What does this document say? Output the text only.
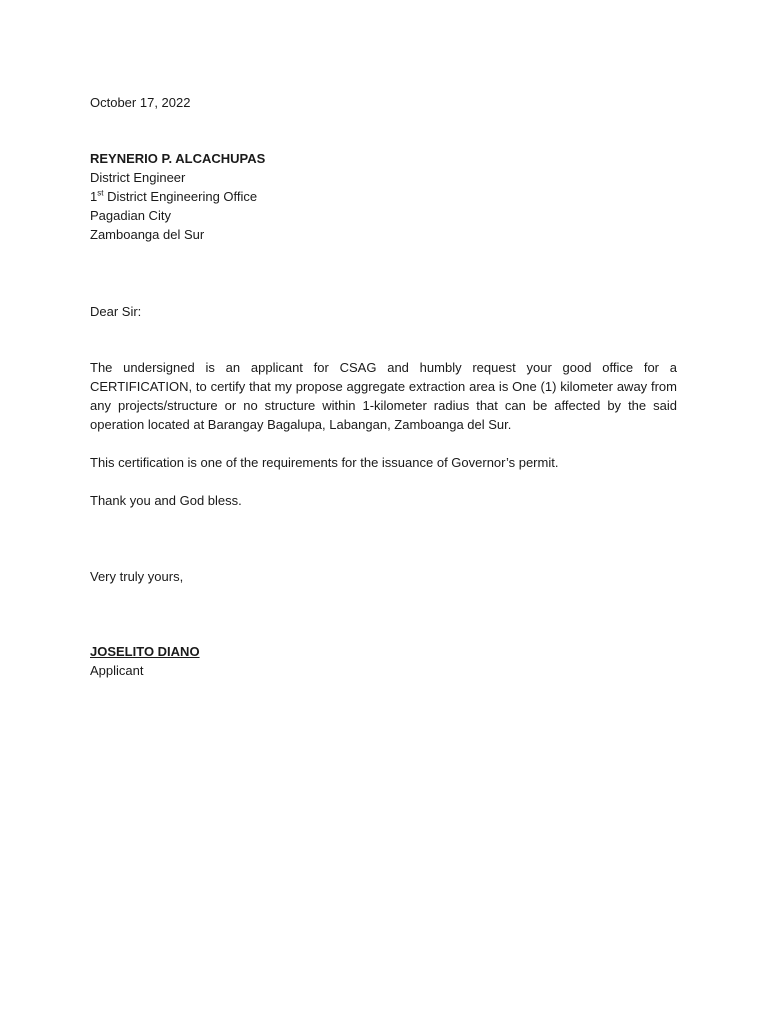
October 17, 2022

REYNERIO P. ALCACHUPAS
District Engineer
1st District Engineering Office
Pagadian City
Zamboanga del Sur

Dear Sir:

The undersigned is an applicant for CSAG and humbly request your good office for a CERTIFICATION, to certify that my propose aggregate extraction area is One (1) kilometer away from any projects/structure or no structure within 1-kilometer radius that can be affected by the said operation located at Barangay Bagalupa, Labangan, Zamboanga del Sur.

This certification is one of the requirements for the issuance of Governor’s permit.

Thank you and God bless.

Very truly yours,

JOSELITO DIANO
Applicant
